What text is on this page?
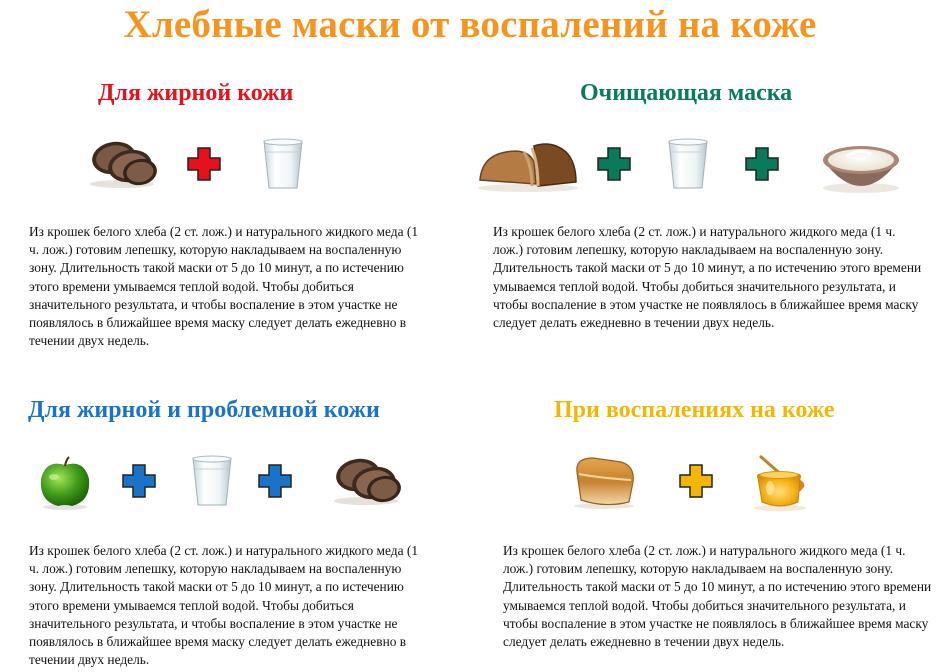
Хлебные маски от воспалений на коже
Для жирной кожи
Из крошек белого хлеба (2 ст. лож.) и натурального жидкого меда (1 ч. лож.) готовим лепешку, которую накладываем на воспаленную зону. Длительность такой маски от 5 до 10 минут, а по истечению этого времени умываемся теплой водой. Чтобы добиться значительного результата, и чтобы воспаление в этом участке не появлялось в ближайшее время маску следует делать ежедневно в течении двух недель.
Очищающая маска
Из крошек белого хлеба (2 ст. лож.) и натурального жидкого меда (1 ч. лож.) готовим лепешку, которую накладываем на воспаленную зону. Длительность такой маски от 5 до 10 минут, а по истечению этого времени умываемся теплой водой. Чтобы добиться значительного результата, и чтобы воспаление в этом участке не появлялось в ближайшее время маску следует делать ежедневно в течении двух недель.
Для жирной и проблемной кожи
Из крошек белого хлеба (2 ст. лож.) и натурального жидкого меда (1 ч. лож.) готовим лепешку, которую накладываем на воспаленную зону. Длительность такой маски от 5 до 10 минут, а по истечению этого времени умываемся теплой водой. Чтобы добиться значительного результата, и чтобы воспаление в этом участке не появлялось в ближайшее время маску следует делать ежедневно в течении двух недель.
При воспалениях на коже
Из крошек белого хлеба (2 ст. лож.) и натурального жидкого меда (1 ч. лож.) готовим лепешку, которую накладываем на воспаленную зону. Длительность такой маски от 5 до 10 минут, а по истечению этого времени умываемся теплой водой. Чтобы добиться значительного результата, и чтобы воспаление в этом участке не появлялось в ближайшее время маску следует делать ежедневно в течении двух недель.
